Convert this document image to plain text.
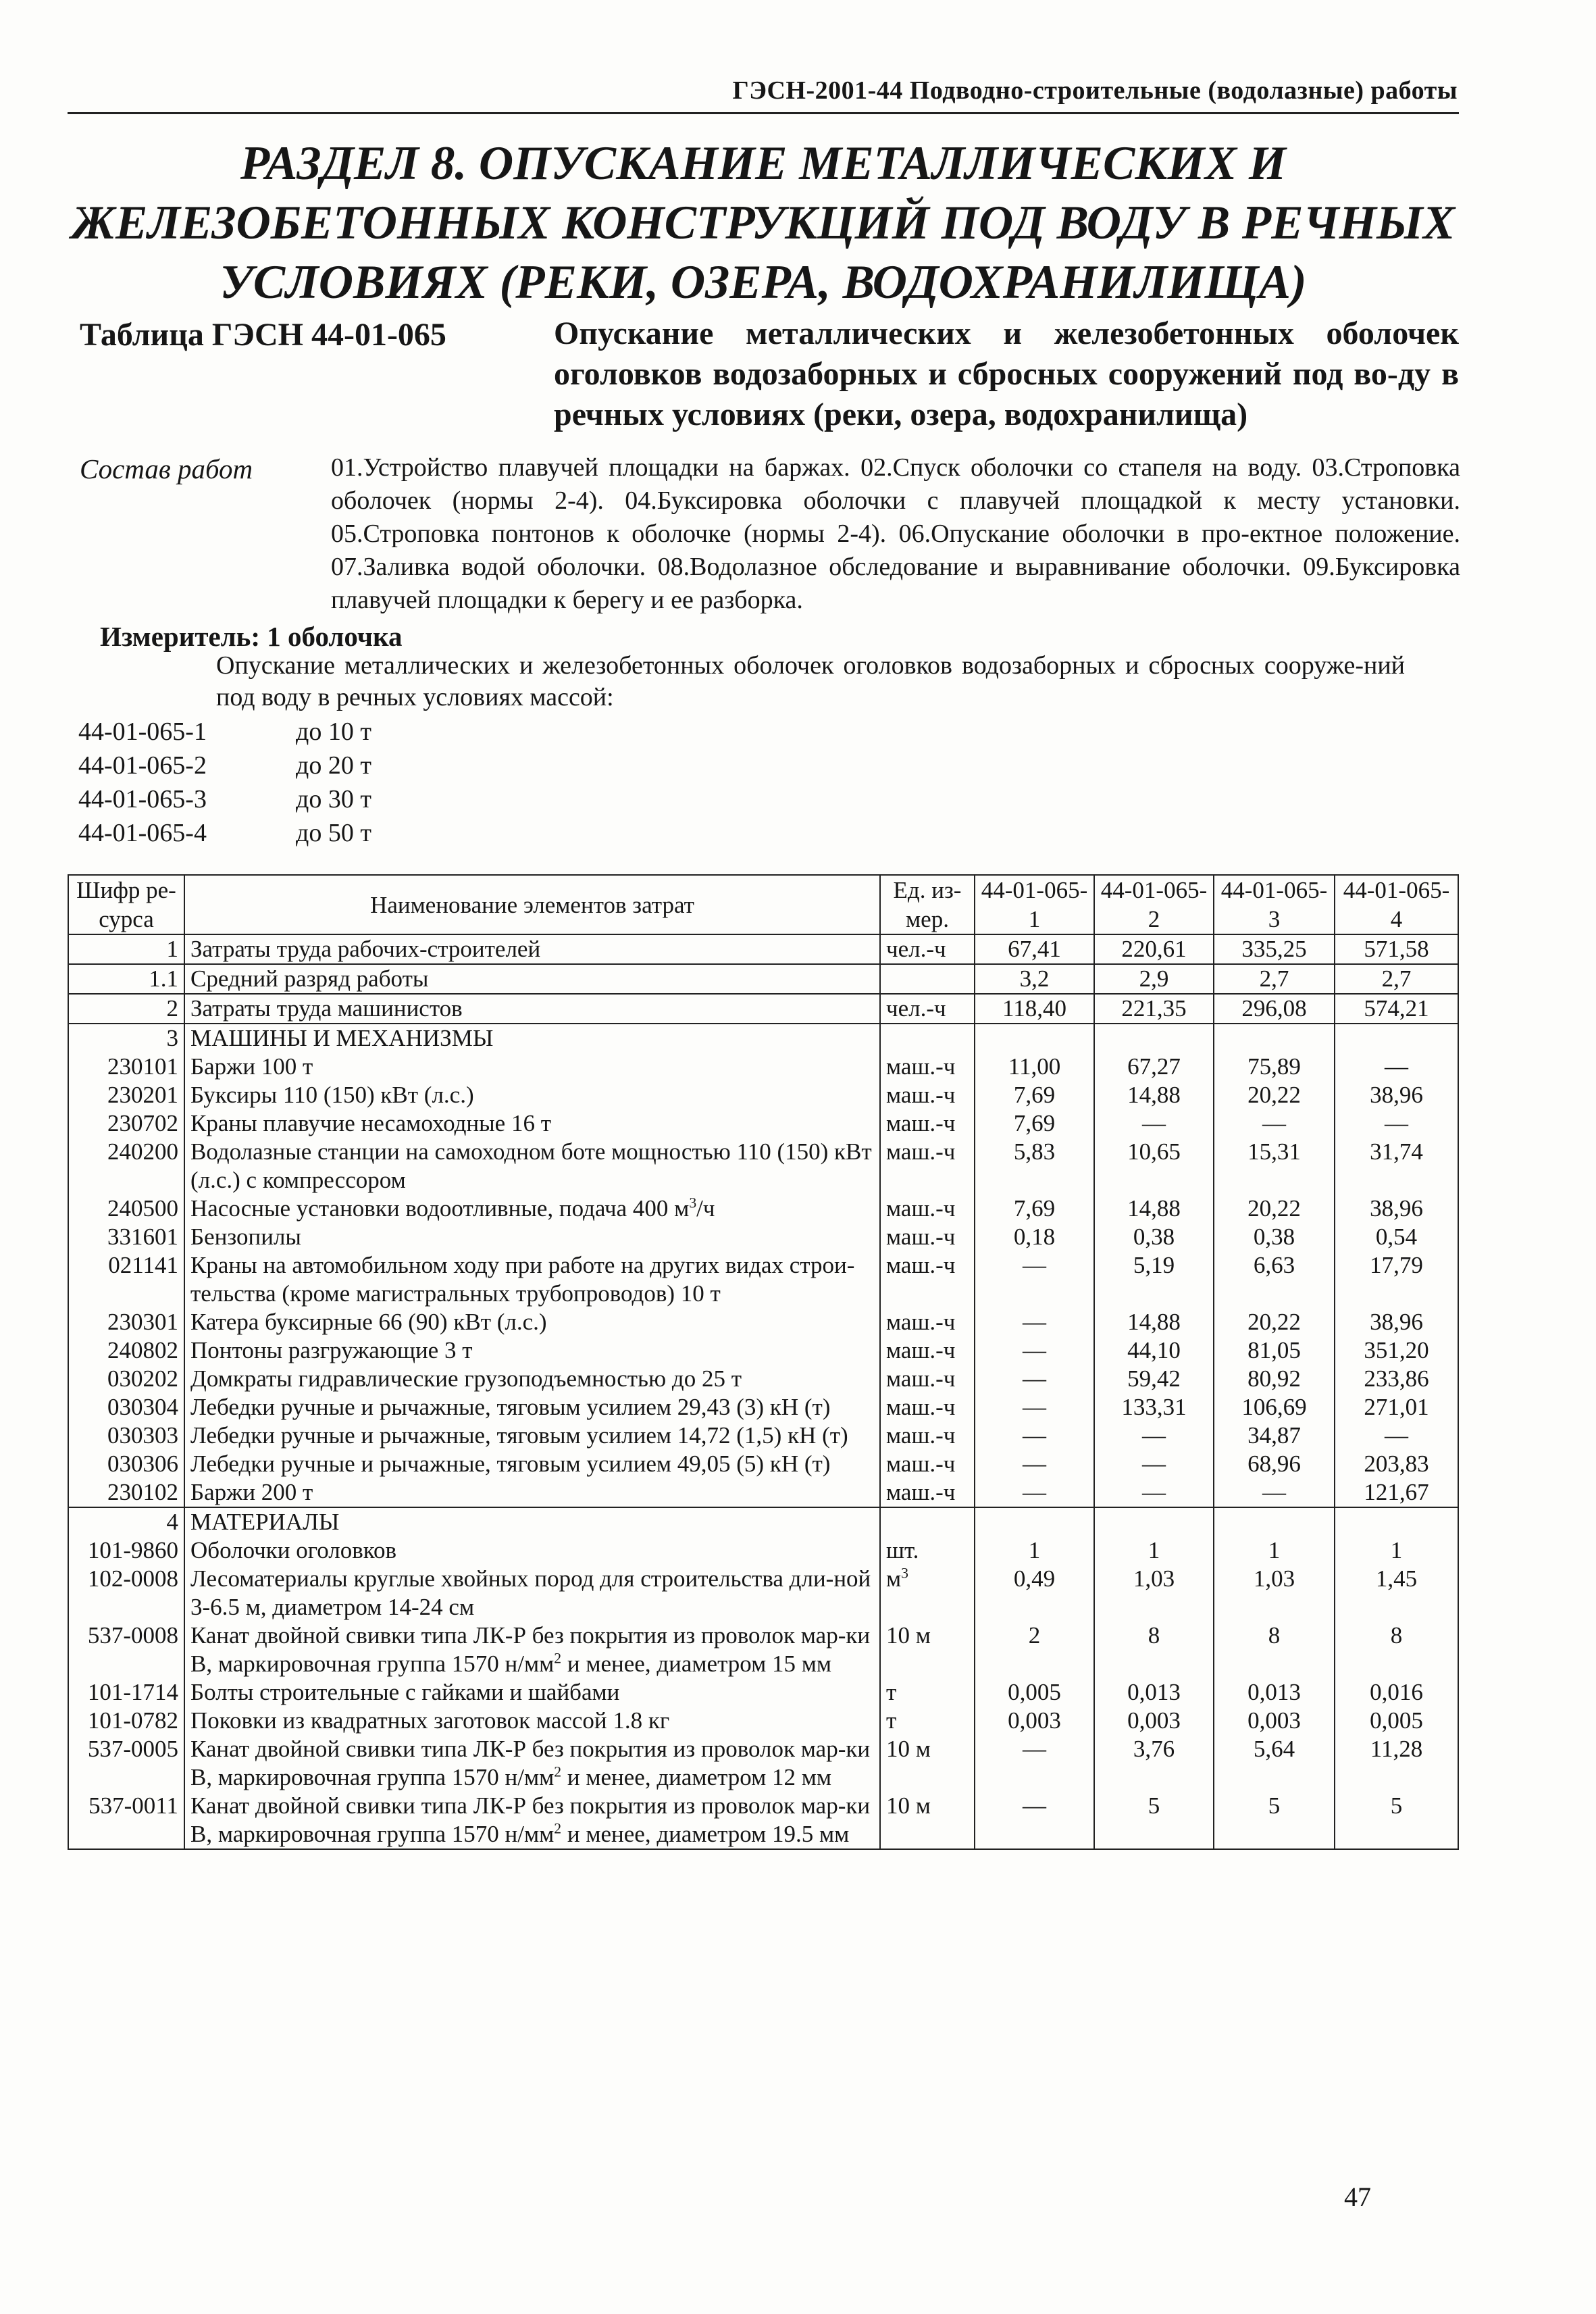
ГЭСН-2001-44 Подводно-строительные (водолазные) работы
РАЗДЕЛ 8. ОПУСКАНИЕ МЕТАЛЛИЧЕСКИХ И
ЖЕЛЕЗОБЕТОННЫХ КОНСТРУКЦИЙ ПОД ВОДУ В РЕЧНЫХ
УСЛОВИЯХ (РЕКИ, ОЗЕРА, ВОДОХРАНИЛИЩА)
Таблица ГЭСН 44-01-065	Опускание металлических и железобетонных оболочек оголовков водозаборных и сбросных сооружений под во-ду в речных условиях (реки, озера, водохранилища)
Состав работ	01.Устройство плавучей площадки на баржах. 02.Спуск оболочки со стапеля на воду. 03.Строповка оболочек (нормы 2-4). 04.Буксировка оболочки с плавучей площадкой к месту установки. 05.Строповка понтонов к оболочке (нормы 2-4). 06.Опускание оболочки в про-ектное положение. 07.Заливка водой оболочки. 08.Водолазное обследование и выравнивание оболочки. 09.Буксировка плавучей площадки к берегу и ее разборка.
Измеритель: 1 оболочка
Опускание металлических и железобетонных оболочек оголовков водозаборных и сбросных сооруже-ний под воду в речных условиях массой:
44-01-065-1	до 10 т
44-01-065-2	до 20 т
44-01-065-3	до 30 т
44-01-065-4	до 50 т
Шифр ре-сурса	Наименование элементов затрат	Ед. из-мер.	44-01-065-1	44-01-065-2	44-01-065-3	44-01-065-4
1	Затраты труда рабочих-строителей	чел.-ч	67,41	220,61	335,25	571,58
1.1	Средний разряд работы		3,2	2,9	2,7	2,7
2	Затраты труда машинистов	чел.-ч	118,40	221,35	296,08	574,21
3	МАШИНЫ И МЕХАНИЗМЫ					
230101	Баржи 100 т	маш.-ч	11,00	67,27	75,89	—
230201	Буксиры 110 (150) кВт (л.с.)	маш.-ч	7,69	14,88	20,22	38,96
230702	Краны плавучие несамоходные 16 т	маш.-ч	7,69	—	—	—
240200	Водолазные станции на самоходном боте мощностью 110 (150) кВт (л.с.) с компрессором	маш.-ч	5,83	10,65	15,31	31,74
240500	Насосные установки водоотливные, подача 400 $м^3/ч$	маш.-ч	7,69	14,88	20,22	38,96
331601	Бензопилы	маш.-ч	0,18	0,38	0,38	0,54
021141	Краны на автомобильном ходу при работе на других видах строи-тельства (кроме магистральных трубопроводов) 10 т	маш.-ч	—	5,19	6,63	17,79
230301	Катера буксирные 66 (90) кВт (л.с.)	маш.-ч	—	14,88	20,22	38,96
240802	Понтоны разгружающие 3 т	маш.-ч	—	44,10	81,05	351,20
030202	Домкраты гидравлические грузоподъемностью до 25 т	маш.-ч	—	59,42	80,92	233,86
030304	Лебедки ручные и рычажные, тяговым усилием 29,43 (3) кН (т)	маш.-ч	—	133,31	106,69	271,01
030303	Лебедки ручные и рычажные, тяговым усилием 14,72 (1,5) кН (т)	маш.-ч	—	—	34,87	—
030306	Лебедки ручные и рычажные, тяговым усилием 49,05 (5) кН (т)	маш.-ч	—	—	68,96	203,83
230102	Баржи 200 т	маш.-ч	—	—	—	121,67
4	МАТЕРИАЛЫ					
101-9860	Оболочки оголовков	шт.	1	1	1	1
102-0008	Лесоматериалы круглые хвойных пород для строительства дли-ной 3-6.5 м, диаметром 14-24 см	$м^3$	0,49	1,03	1,03	1,45
537-0008	Канат двойной свивки типа ЛК-Р без покрытия из проволок мар-ки В, маркировочная группа 1570 $н/мм^2$ и менее, диаметром 15 мм	10 м	2	8	8	8
101-1714	Болты строительные с гайками и шайбами	т	0,005	0,013	0,013	0,016
101-0782	Поковки из квадратных заготовок массой 1.8 кг	т	0,003	0,003	0,003	0,005
537-0005	Канат двойной свивки типа ЛК-Р без покрытия из проволок мар-ки В, маркировочная группа 1570 $н/мм^2$ и менее, диаметром 12 мм	10 м	—	3,76	5,64	11,28
537-0011	Канат двойной свивки типа ЛК-Р без покрытия из проволок мар-ки В, маркировочная группа 1570 $н/мм^2$ и менее, диаметром 19.5 мм	10 м	—	5	5	5
47
